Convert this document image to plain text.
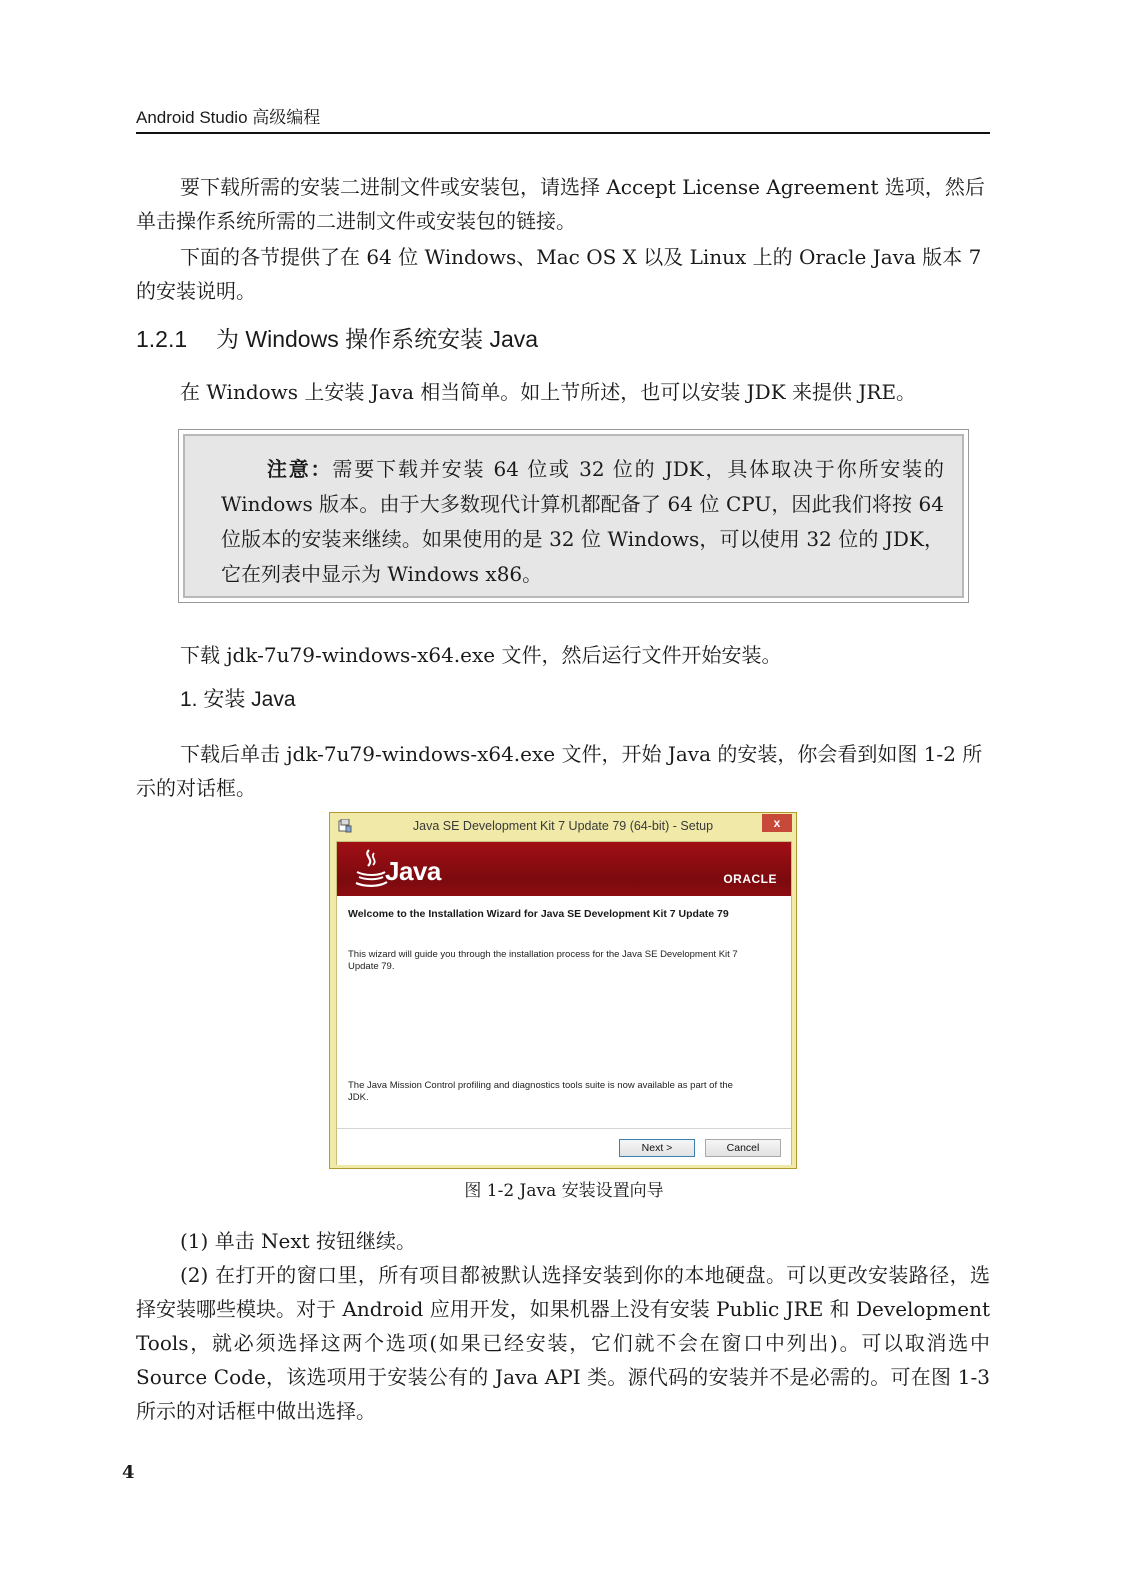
Android Studio 高级编程

要下载所需的安装二进制文件或安装包，请选择 Accept License Agreement 选项，然后单击操作系统所需的二进制文件或安装包的链接。

下面的各节提供了在 64 位 Windows、Mac OS X 以及 Linux 上的 Oracle Java 版本 7 的安装说明。

1.2.1 为 Windows 操作系统安装 Java

在 Windows 上安装 Java 相当简单。如上节所述，也可以安装 JDK 来提供 JRE。

注意：需要下载并安装 64 位或 32 位的 JDK，具体取决于你所安装的 Windows 版本。由于大多数现代计算机都配备了 64 位 CPU，因此我们将按 64 位版本的安装来继续。如果使用的是 32 位 Windows，可以使用 32 位的 JDK，它在列表中显示为 Windows x86。

下载 jdk-7u79-windows-x64.exe 文件，然后运行文件开始安装。

1. 安装 Java

下载后单击 jdk-7u79-windows-x64.exe 文件，开始 Java 的安装，你会看到如图 1-2 所示的对话框。

Java SE Development Kit 7 Update 79 (64-bit) - Setup	x
Java	ORACLE
Welcome to the Installation Wizard for Java SE Development Kit 7 Update 79
This wizard will guide you through the installation process for the Java SE Development Kit 7 Update 79.
The Java Mission Control profiling and diagnostics tools suite is now available as part of the JDK.
Next >	Cancel
图 1-2 Java 安装设置向导

(1) 单击 Next 按钮继续。

(2) 在打开的窗口里，所有项目都被默认选择安装到你的本地硬盘。可以更改安装路径，选择安装哪些模块。对于 Android 应用开发，如果机器上没有安装 Public JRE 和 Development Tools，就必须选择这两个选项(如果已经安装，它们就不会在窗口中列出)。可以取消选中 Source Code，该选项用于安装公有的 Java API 类。源代码的安装并不是必需的。可在图 1-3 所示的对话框中做出选择。

4
